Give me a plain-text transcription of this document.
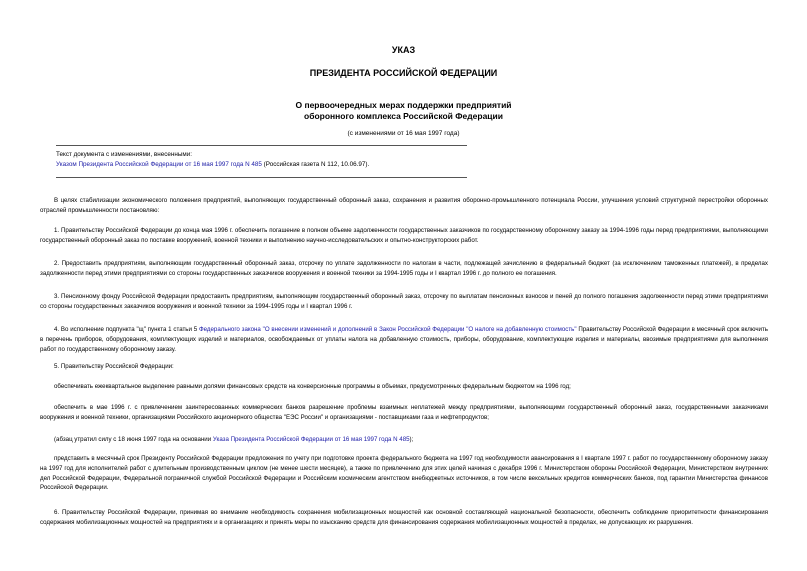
УКАЗ
ПРЕЗИДЕНТА РОССИЙСКОЙ ФЕДЕРАЦИИ
О первоочередных мерах поддержки предприятий
оборонного комплекса Российской Федерации
(с изменениями от 16 мая 1997 года)
Текст документа с изменениями, внесенными:
Указом Президента Российской Федерации от 16 мая 1997 года N 485 (Российская газета N 112, 10.06.97).

В целях стабилизации экономического положения предприятий, выполняющих государственный оборонный заказ, сохранения и развития оборонно-промышленного потенциала России, улучшения условий структурной перестройки оборонных отраслей промышленности постановляю:

1. Правительству Российской Федерации до конца мая 1996 г. обеспечить погашение в полном объеме задолженности государственных заказчиков по государственному оборонному заказу за 1994-1996 годы перед предприятиями, выполняющими государственный оборонный заказ по поставке вооружений, военной техники и выполнению научно-исследовательских и опытно-конструкторских работ.

2. Предоставить предприятиям, выполняющим государственный оборонный заказ, отсрочку по уплате задолженности по налогам в части, подлежащей зачислению в федеральный бюджет (за исключением таможенных платежей), в пределах задолженности перед этими предприятиями со стороны государственных заказчиков вооружения и военной техники за 1994-1995 годы и I квартал 1996 г. до полного ее погашения.

3. Пенсионному фонду Российской Федерации предоставить предприятиям, выполняющим государственный оборонный заказ, отсрочку по выплатам пенсионных взносов и пеней до полного погашения задолженности перед этими предприятиями со стороны государственных заказчиков вооружения и военной техники за 1994-1995 годы и I квартал 1996 г.

4. Во исполнение подпункта "щ" пункта 1 статьи 5 Федерального закона "О внесении изменений и дополнений в Закон Российской Федерации "О налоге на добавленную стоимость" Правительству Российской Федерации в месячный срок включить в перечень приборов, оборудования, комплектующих изделий и материалов, освобождаемых от уплаты налога на добавленную стоимость, приборы, оборудование, комплектующие изделия и материалы, ввозимые предприятиями для выполнения работ по государственному оборонному заказу.

5. Правительству Российской Федерации:

обеспечивать ежеквартальное выделение равными долями финансовых средств на конверсионные программы в объемах, предусмотренных федеральным бюджетом на 1996 год;

обеспечить в мае 1996 г. с привлечением заинтересованных коммерческих банков разрешение проблемы взаимных неплатежей между предприятиями, выполняющими государственный оборонный заказ, государственными заказчиками вооружения и военной техники, организациями Российского акционерного общества "ЕЭС России" и организациями - поставщиками газа и нефтепродуктов;

(абзац утратил силу с 18 июня 1997 года на основании Указа Президента Российской Федерации от 16 мая 1997 года N 485);

представить в месячный срок Президенту Российской Федерации предложения по учету при подготовке проекта федерального бюджета на 1997 год необходимости авансирования в I квартале 1997 г. работ по государственному оборонному заказу на 1997 год для исполнителей работ с длительным производственным циклом (не менее шести месяцев), а также по привлечению для этих целей начиная с декабря 1996 г. Министерством обороны Российской Федерации, Министерством внутренних дел Российской Федерации, Федеральной пограничной службой Российской Федерации и Российским космическим агентством внебюджетных источников, в том числе вексельных кредитов коммерческих банков, под гарантии Министерства финансов Российской Федерации.

6. Правительству Российской Федерации, принимая во внимание необходимость сохранения мобилизационных мощностей как основной составляющей национальной безопасности, обеспечить соблюдение приоритетности финансирования содержания мобилизационных мощностей на предприятиях и в организациях и принять меры по изысканию средств для финансирования содержания мобилизационных мощностей в пределах, не допускающих их разрушения.
